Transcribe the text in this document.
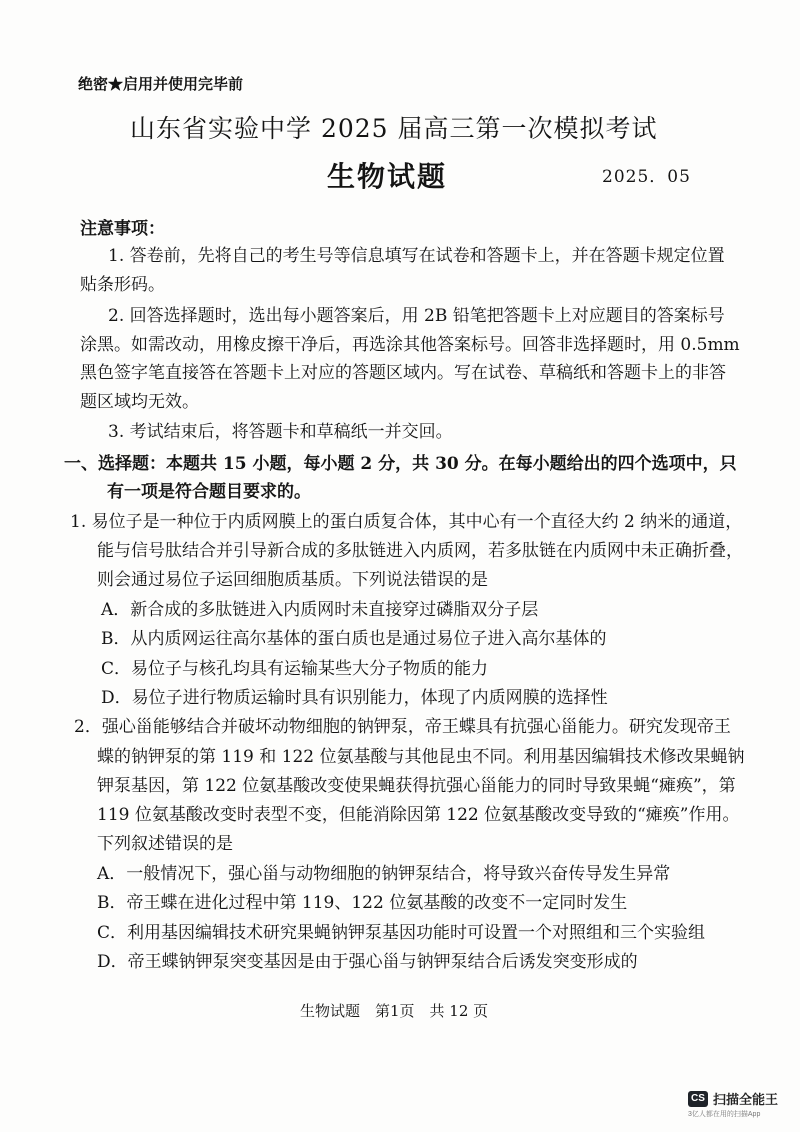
绝密★启用并使用完毕前
山东省实验中学 2025 届高三第一次模拟考试
生物试题	2025．05
注意事项：
1. 答卷前，先将自己的考生号等信息填写在试卷和答题卡上，并在答题卡规定位置
贴条形码。
2. 回答选择题时，选出每小题答案后，用 2B 铅笔把答题卡上对应题目的答案标号
涂黑。如需改动，用橡皮擦干净后，再选涂其他答案标号。回答非选择题时，用 0.5mm
黑色签字笔直接答在答题卡上对应的答题区域内。写在试卷、草稿纸和答题卡上的非答
题区域均无效。
3. 考试结束后，将答题卡和草稿纸一并交回。
一、选择题：本题共 15 小题，每小题 2 分，共 30 分。在每小题给出的四个选项中，只
有一项是符合题目要求的。
1. 易位子是一种位于内质网膜上的蛋白质复合体，其中心有一个直径大约 2 纳米的通道，
能与信号肽结合并引导新合成的多肽链进入内质网，若多肽链在内质网中未正确折叠，
则会通过易位子运回细胞质基质。下列说法错误的是
A．新合成的多肽链进入内质网时未直接穿过磷脂双分子层
B．从内质网运往高尔基体的蛋白质也是通过易位子进入高尔基体的
C．易位子与核孔均具有运输某些大分子物质的能力
D．易位子进行物质运输时具有识别能力，体现了内质网膜的选择性
2．强心甾能够结合并破坏动物细胞的钠钾泵，帝王蝶具有抗强心甾能力。研究发现帝王
蝶的钠钾泵的第 119 和 122 位氨基酸与其他昆虫不同。利用基因编辑技术修改果蝇钠
钾泵基因，第 122 位氨基酸改变使果蝇获得抗强心甾能力的同时导致果蝇“瘫痪”，第
119 位氨基酸改变时表型不变，但能消除因第 122 位氨基酸改变导致的“瘫痪”作用。
下列叙述错误的是
A．一般情况下，强心甾与动物细胞的钠钾泵结合，将导致兴奋传导发生异常
B．帝王蝶在进化过程中第 119、122 位氨基酸的改变不一定同时发生
C．利用基因编辑技术研究果蝇钠钾泵基因功能时可设置一个对照组和三个实验组
D．帝王蝶钠钾泵突变基因是由于强心甾与钠钾泵结合后诱发突变形成的
生物试题　第1页　共 12 页
CS 扫描全能王
3亿人都在用的扫描App
